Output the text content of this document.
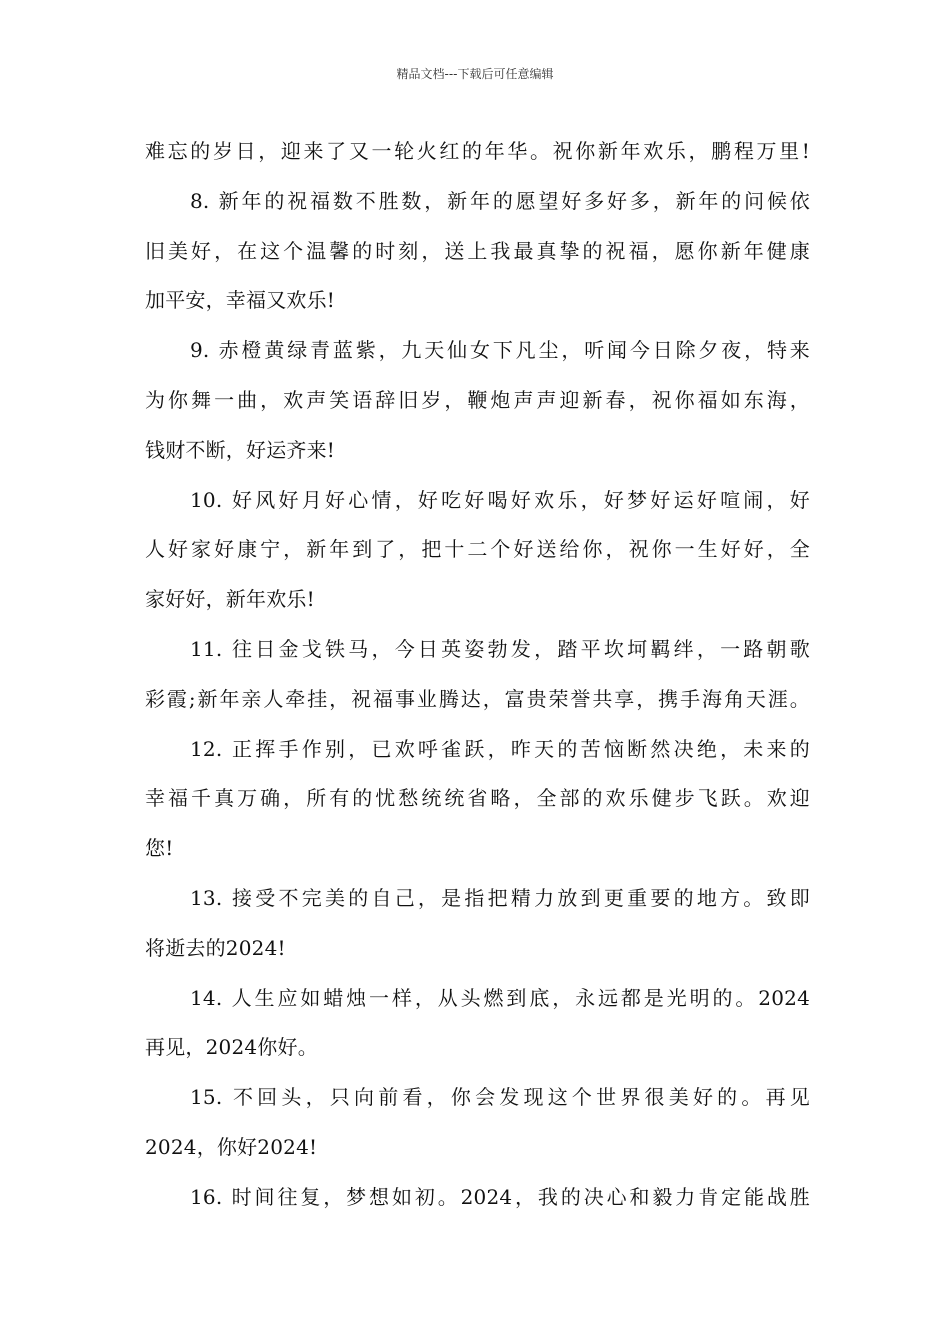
精品文档---下载后可任意编辑
难忘的岁日，迎来了又一轮火红的年华。祝你新年欢乐，鹏程万里!
8. 新年的祝福数不胜数，新年的愿望好多好多，新年的问候依
旧美好，在这个温馨的时刻，送上我最真挚的祝福，愿你新年健康
加平安，幸福又欢乐!
9. 赤橙黄绿青蓝紫，九天仙女下凡尘，听闻今日除夕夜，特来
为你舞一曲，欢声笑语辞旧岁，鞭炮声声迎新春，祝你福如东海，
钱财不断，好运齐来!
10. 好风好月好心情，好吃好喝好欢乐，好梦好运好喧闹，好
人好家好康宁，新年到了，把十二个好送给你，祝你一生好好，全
家好好，新年欢乐!
11. 往日金戈铁马，今日英姿勃发，踏平坎坷羁绊，一路朝歌
彩霞;新年亲人牵挂，祝福事业腾达，富贵荣誉共享，携手海角天涯。
12. 正挥手作别，已欢呼雀跃，昨天的苦恼断然决绝，未来的
幸福千真万确，所有的忧愁统统省略，全部的欢乐健步飞跃。欢迎
您!
13. 接受不完美的自己，是指把精力放到更重要的地方。致即
将逝去的2024!
14. 人生应如蜡烛一样，从头燃到底，永远都是光明的。2024
再见，2024你好。
15. 不回头，只向前看，你会发现这个世界很美好的。再见
2024，你好2024!
16. 时间往复，梦想如初。2024，我的决心和毅力肯定能战胜
